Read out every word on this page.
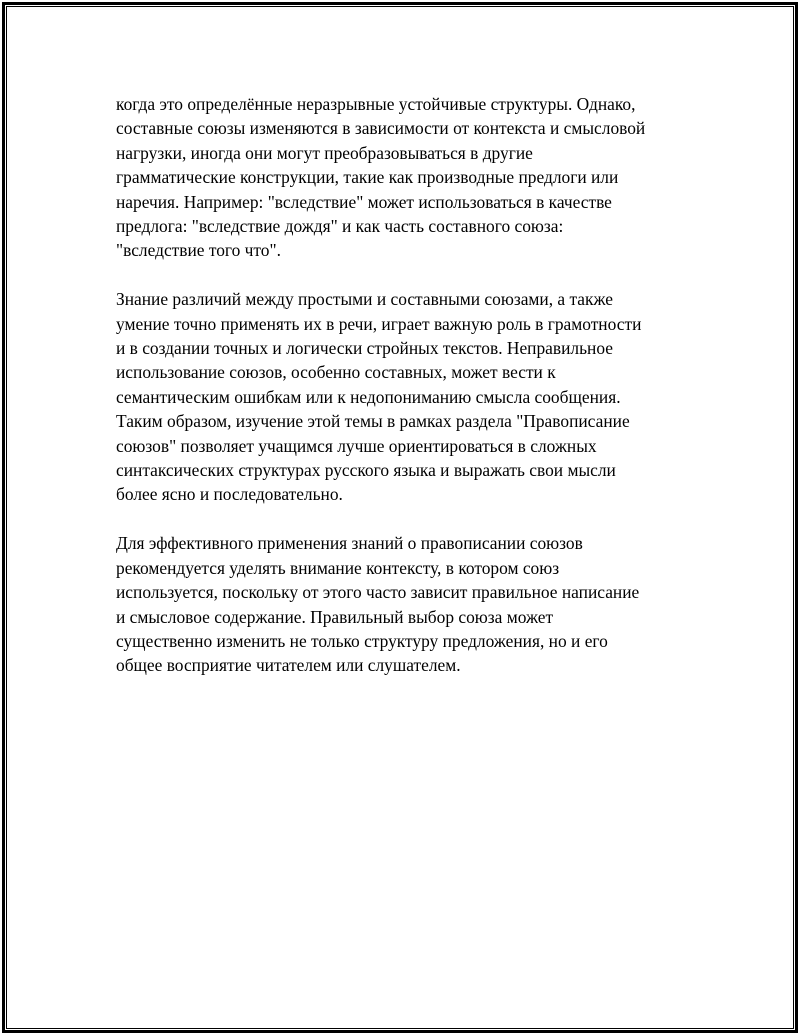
когда это определённые неразрывные устойчивые структуры. Однако,
составные союзы изменяются в зависимости от контекста и смысловой
нагрузки, иногда они могут преобразовываться в другие
грамматические конструкции, такие как производные предлоги или
наречия. Например: "вследствие" может использоваться в качестве
предлога: "вследствие дождя" и как часть составного союза:
"вследствие того что".

Знание различий между простыми и составными союзами, а также
умение точно применять их в речи, играет важную роль в грамотности
и в создании точных и логически стройных текстов. Неправильное
использование союзов, особенно составных, может вести к
семантическим ошибкам или к недопониманию смысла сообщения.
Таким образом, изучение этой темы в рамках раздела "Правописание
союзов" позволяет учащимся лучше ориентироваться в сложных
синтаксических структурах русского языка и выражать свои мысли
более ясно и последовательно.

Для эффективного применения знаний о правописании союзов
рекомендуется уделять внимание контексту, в котором союз
используется, поскольку от этого часто зависит правильное написание
и смысловое содержание. Правильный выбор союза может
существенно изменить не только структуру предложения, но и его
общее восприятие читателем или слушателем.
